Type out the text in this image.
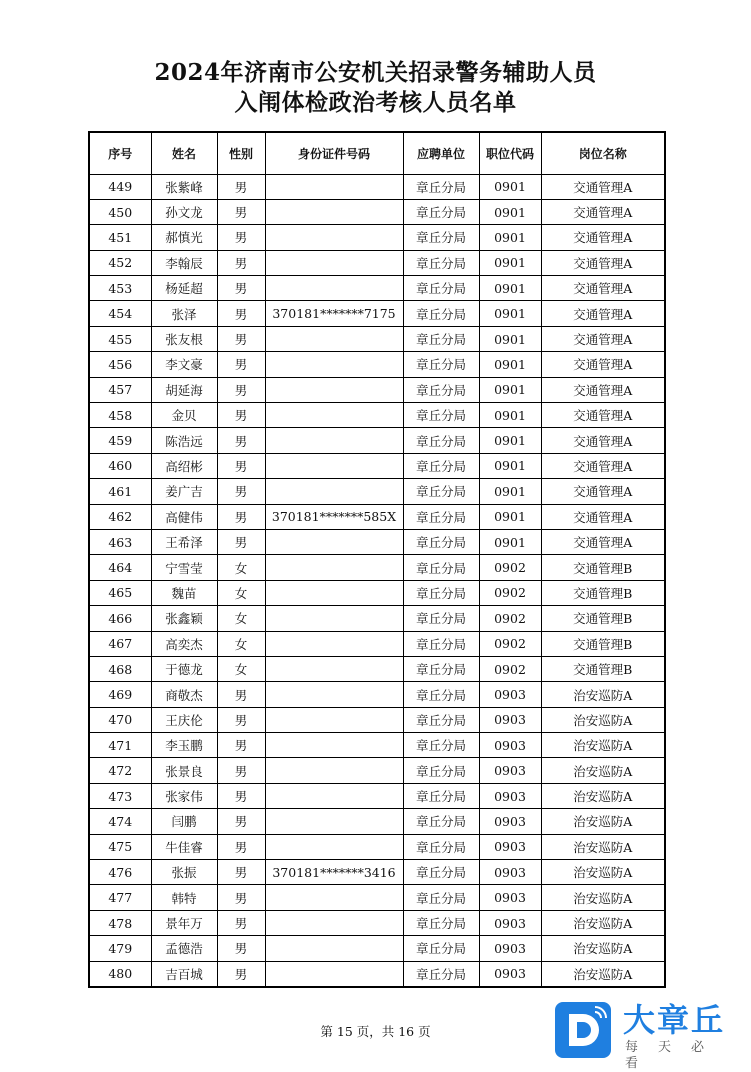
2024年济南市公安机关招录警务辅助人员
入闱体检政治考核人员名单
序号	姓名	性别	身份证件号码	应聘单位	职位代码	岗位名称
449	张紫峰	男		章丘分局	0901	交通管理A
450	孙文龙	男		章丘分局	0901	交通管理A
451	郝慎光	男		章丘分局	0901	交通管理A
452	李翰辰	男		章丘分局	0901	交通管理A
453	杨延超	男		章丘分局	0901	交通管理A
454	张泽	男	370181*******7175	章丘分局	0901	交通管理A
455	张友根	男		章丘分局	0901	交通管理A
456	李文豪	男		章丘分局	0901	交通管理A
457	胡延海	男		章丘分局	0901	交通管理A
458	金贝	男		章丘分局	0901	交通管理A
459	陈浩远	男		章丘分局	0901	交通管理A
460	高绍彬	男		章丘分局	0901	交通管理A
461	姜广吉	男		章丘分局	0901	交通管理A
462	高健伟	男	370181*******585X	章丘分局	0901	交通管理A
463	王希泽	男		章丘分局	0901	交通管理A
464	宁雪莹	女		章丘分局	0902	交通管理B
465	魏苗	女		章丘分局	0902	交通管理B
466	张鑫颖	女		章丘分局	0902	交通管理B
467	高奕杰	女		章丘分局	0902	交通管理B
468	于德龙	女		章丘分局	0902	交通管理B
469	商敬杰	男		章丘分局	0903	治安巡防A
470	王庆伦	男		章丘分局	0903	治安巡防A
471	李玉鹏	男		章丘分局	0903	治安巡防A
472	张景良	男		章丘分局	0903	治安巡防A
473	张家伟	男		章丘分局	0903	治安巡防A
474	闫鹏	男		章丘分局	0903	治安巡防A
475	牛佳睿	男		章丘分局	0903	治安巡防A
476	张振	男	370181*******3416	章丘分局	0903	治安巡防A
477	韩特	男		章丘分局	0903	治安巡防A
478	景年万	男		章丘分局	0903	治安巡防A
479	孟德浩	男		章丘分局	0903	治安巡防A
480	吉百城	男		章丘分局	0903	治安巡防A
第 15 页，共 16 页	大章丘
每天必看
